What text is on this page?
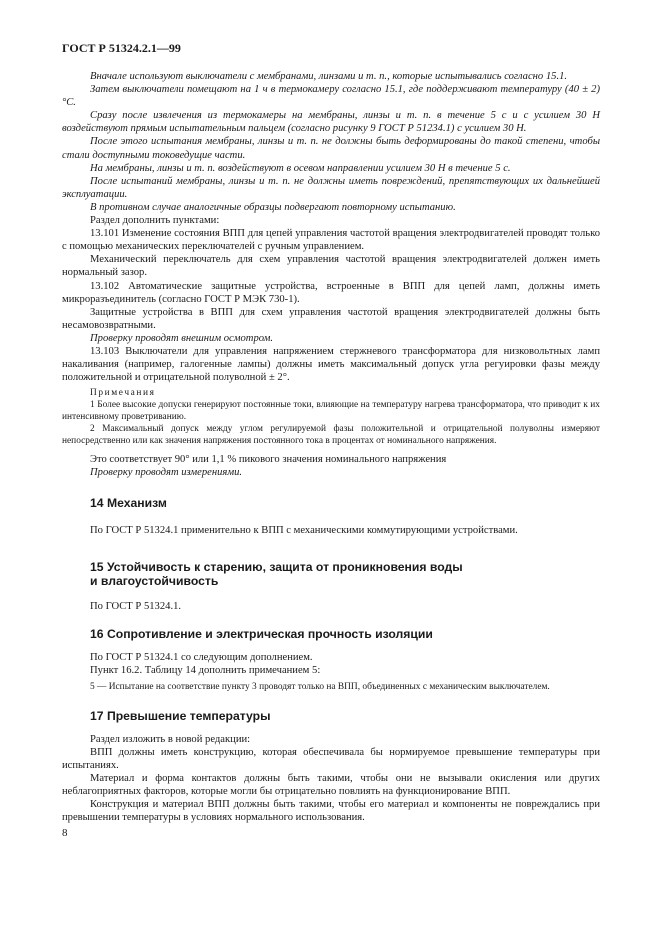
ГОСТ Р 51324.2.1—99

Вначале используют выключатели с мембранами, линзами и т. п., которые испытывались согласно 15.1.

Затем выключатели помещают на 1 ч в термокамеру согласно 15.1, где поддерживают температуру (40 ± 2) °С.

Сразу после извлечения из термокамеры на мембраны, линзы и т. п. в течение 5 с и с усилием 30 Н воздействуют прямым испытательным пальцем (согласно рисунку 9 ГОСТ Р 51234.1) с усилием 30 Н.

После этого испытания мембраны, линзы и т. п. не должны быть деформированы до такой степени, чтобы стали доступными токоведущие части.

На мембраны, линзы и т. п. воздействуют в осевом направлении усилием 30 Н в течение 5 с.

После испытаний мембраны, линзы и т. п. не должны иметь повреждений, препятствующих их дальнейшей эксплуатации.

В противном случае аналогичные образцы подвергают повторному испытанию.

Раздел дополнить пунктами:

13.101 Изменение состояния ВПП для цепей управления частотой вращения электродвигателей проводят только с помощью механических переключателей с ручным управлением.

Механический переключатель для схем управления частотой вращения электродвигателей должен иметь нормальный зазор.

13.102 Автоматические защитные устройства, встроенные в ВПП для цепей ламп, должны иметь микроразъединитель (согласно ГОСТ Р МЭК 730-1).

Защитные устройства в ВПП для схем управления частотой вращения электродвигателей должны быть несамовозвратными.

Проверку проводят внешним осмотром.

13.103 Выключатели для управления напряжением стержневого трансформатора для низковольтных ламп накаливания (например, галогенные лампы) должны иметь максимальный допуск угла регуировки фазы между положительной и отрицательной полуволной ± 2°.

Примечания

1 Более высокие допуски генерируют постоянные токи, влияющие на температуру нагрева трансформатора, что приводит к их интенсивному проветриванию.

2 Максимальный допуск между углом регулируемой фазы положительной и отрицательной полуволны измеряют непосредственно или как значения напряжения постоянного тока в процентах от номинального напряжения.

Это соответствует 90° или 1,1 % пикового значения номинального напряжения

Проверку проводят измерениями.

14 Механизм

По ГОСТ Р 51324.1 применительно к ВПП с механическими коммутирующими устройствами.

15 Устойчивость к старению, защита от проникновения воды

и влагоустойчивость

По ГОСТ Р 51324.1.

16 Сопротивление и электрическая прочность изоляции

По ГОСТ Р 51324.1 со следующим дополнением.

Пункт 16.2. Таблицу 14 дополнить примечанием 5:

5 — Испытание на соответствие пункту 3 проводят только на ВПП, объединенных с механическим выключателем.

17 Превышение температуры

Раздел изложить в новой редакции:

ВПП должны иметь конструкцию, которая обеспечивала бы нормируемое превышение температуры при испытаниях.

Материал и форма контактов должны быть такими, чтобы они не вызывали окисления или других неблагоприятных факторов, которые могли бы отрицательно повлиять на функционирование ВПП.

Конструкция и материал ВПП должны быть такими, чтобы его материал и компоненты не повреждались при превышении температуры в условиях нормального использования.

8
